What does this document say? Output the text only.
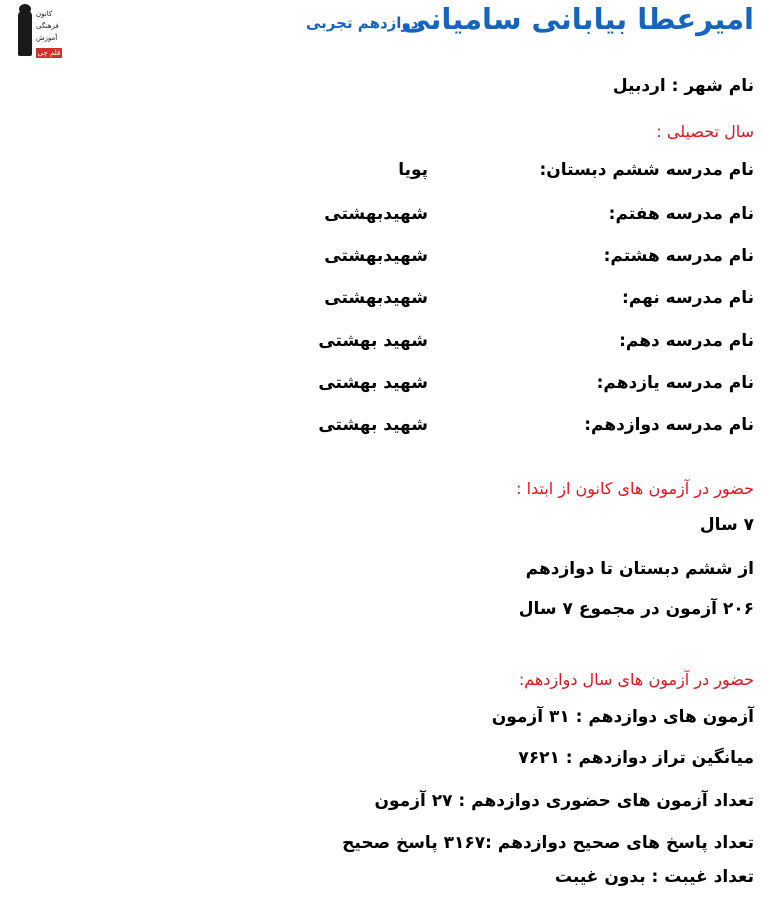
کانون
فرهنگی
آموزش
قلم چی
امیرعطا بیابانی سامیانی
دوازدهم تجربی
نام شهر : اردبیل
سال تحصیلی :
نام مدرسه ششم دبستان:
پویا
نام مدرسه هفتم:
شهیدبهشتی
نام مدرسه هشتم:
شهیدبهشتی
نام مدرسه نهم:
شهیدبهشتی
نام مدرسه دهم:
شهید بهشتی
نام مدرسه یازدهم:
شهید بهشتی
نام مدرسه دوازدهم:
شهید بهشتی
حضور در آزمون های کانون از ابتدا :
۷ سال
از ششم دبستان تا دوازدهم
۲۰۶ آزمون در مجموع ۷ سال
حضور در آزمون های سال دوازدهم:
آزمون های دوازدهم : ۳۱ آزمون
میانگین تراز دوازدهم : ۷۶۲۱
تعداد آزمون های حضوری دوازدهم : ۲۷ آزمون
تعداد پاسخ های صحیح دوازدهم :۳۱۶۷ پاسخ صحیح
تعداد غیبت : بدون غیبت
